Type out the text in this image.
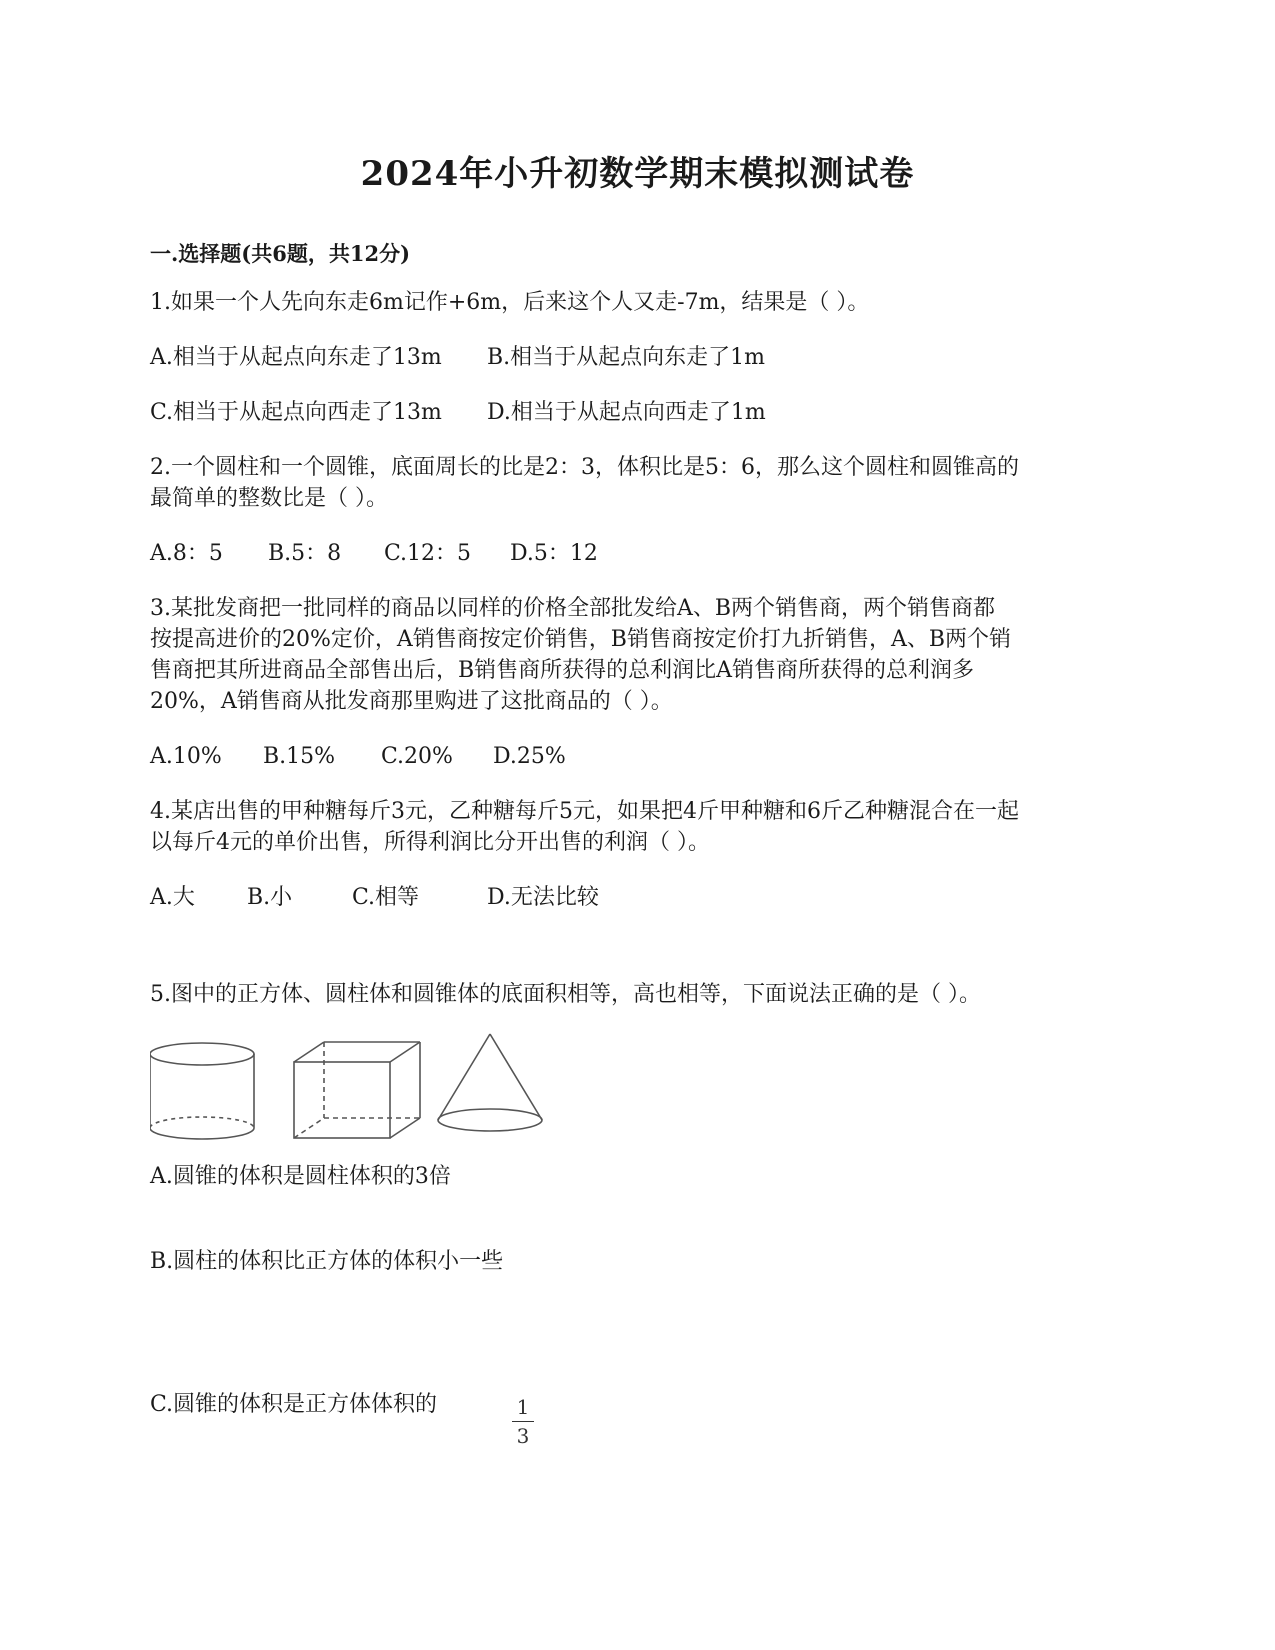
2024年小升初数学期末模拟测试卷
一.选择题(共6题，共12分)
1.如果一个人先向东走6m记作+6m，后来这个人又走-7m，结果是（ ）。
A.相当于从起点向东走了13m B.相当于从起点向东走了1m
C.相当于从起点向西走了13m D.相当于从起点向西走了1m
2.一个圆柱和一个圆锥，底面周长的比是2：3，体积比是5：6，那么这个圆柱和圆锥高的
最简单的整数比是（ ）。
A.8：5 B.5：8 C.12：5 D.5：12
3.某批发商把一批同样的商品以同样的价格全部批发给A、B两个销售商，两个销售商都
按提高进价的20%定价，A销售商按定价销售，B销售商按定价打九折销售，A、B两个销
售商把其所进商品全部售出后，B销售商所获得的总利润比A销售商所获得的总利润多
20%，A销售商从批发商那里购进了这批商品的（ ）。
A.10% B.15% C.20% D.25%
4.某店出售的甲种糖每斤3元，乙种糖每斤5元，如果把4斤甲种糖和6斤乙种糖混合在一起
以每斤4元的单价出售，所得利润比分开出售的利润（ ）。
A.大 B.小	C.相等	D.无法比较
5.图中的正方体、圆柱体和圆锥体的底面积相等，高也相等，下面说法正确的是（ ）。
A.圆锥的体积是圆柱体积的3倍
B.圆柱的体积比正方体的体积小一些
C.圆锥的体积是正方体体积的	1
3
